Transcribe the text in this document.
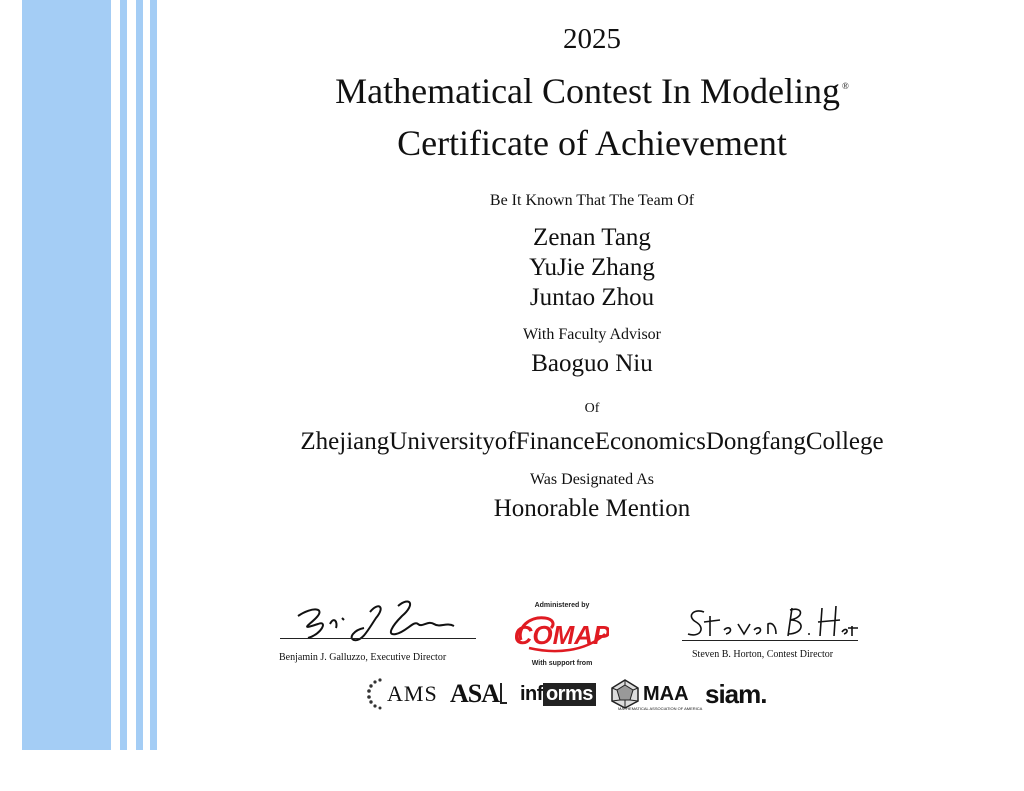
2025
Mathematical Contest In Modeling ®
Certificate of Achievement
Be It Known That The Team Of
Zenan Tang
YuJie Zhang
Juntao Zhou
With Faculty Advisor
Baoguo Niu
Of
ZhejiangUniversityofFinanceEconomicsDongfangCollege
Was Designated As
Honorable Mention
Benjamin J. Galluzzo, Executive Director	Steven B. Horton, Contest Director
Administered by
COMAP
With support from
AMS ASA inf orms	MAA
MATHEMATICAL ASSOCIATION OF AMERICA siam.
